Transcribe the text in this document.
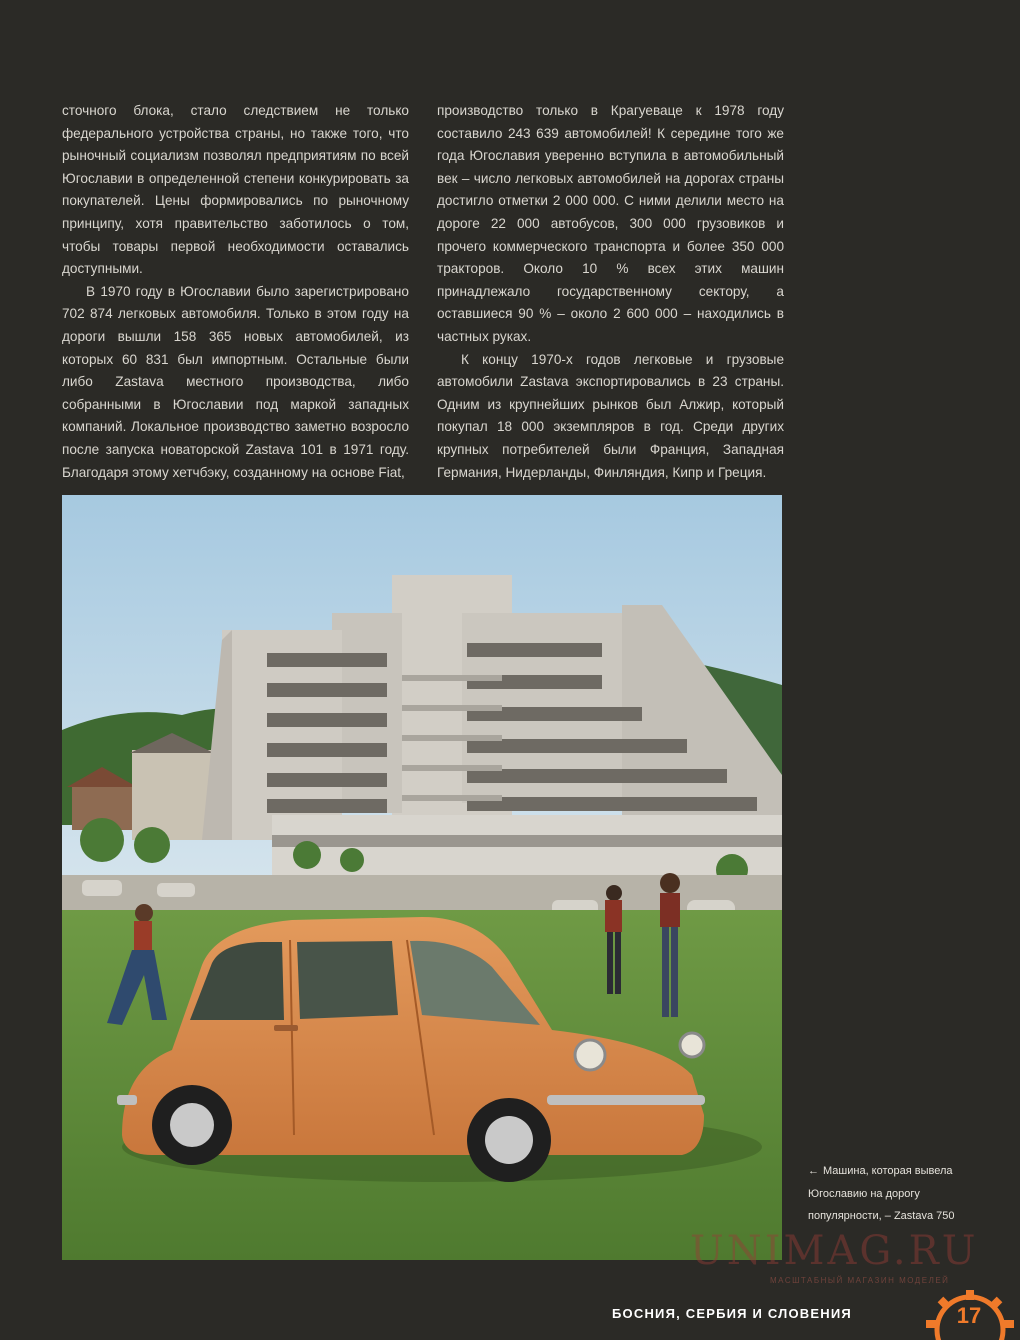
сточного блока, стало следствием не только федерального устройства страны, но также того, что рыночный социализм позволял предприятиям по всей Югославии в определенной степени конкурировать за покупателей. Цены формировались по рыночному принципу, хотя правительство заботилось о том, чтобы товары первой необходимости оставались доступными.

В 1970 году в Югославии было зарегистрировано 702 874 легковых автомобиля. Только в этом году на дороги вышли 158 365 новых автомобилей, из которых 60 831 был импортным. Остальные были либо Zastava местного производства, либо собранными в Югославии под маркой западных компаний. Локальное производство заметно возросло после запуска новаторской Zastava 101 в 1971 году. Благодаря этому хетчбэку, созданному на основе Fiat,

производство только в Крагуеваце к 1978 году составило 243 639 автомобилей! К середине того же года Югославия уверенно вступила в автомобильный век – число легковых автомобилей на дорогах страны достигло отметки 2 000 000. С ними делили место на дороге 22 000 автобусов, 300 000 грузовиков и прочего коммерческого транспорта и более 350 000 тракторов. Около 10 % всех этих машин принадлежало государственному сектору, а оставшиеся 90 % – около 2 600 000 – находились в частных руках.

К концу 1970-х годов легковые и грузовые автомобили Zastava экспортировались в 23 страны. Одним из крупнейших рынков был Алжир, который покупал 18 000 экземпляров в год. Среди других крупных потребителей были Франция, Западная Германия, Нидерланды, Финляндия, Кипр и Греция.

← Машина, которая вывела Югославию на дорогу популярности, – Zastava 750
UNIMAG.RU
МАСШТАБНЫЙ МАГАЗИН МОДЕЛЕЙ
БОСНИЯ, СЕРБИЯ И СЛОВЕНИЯ	17
